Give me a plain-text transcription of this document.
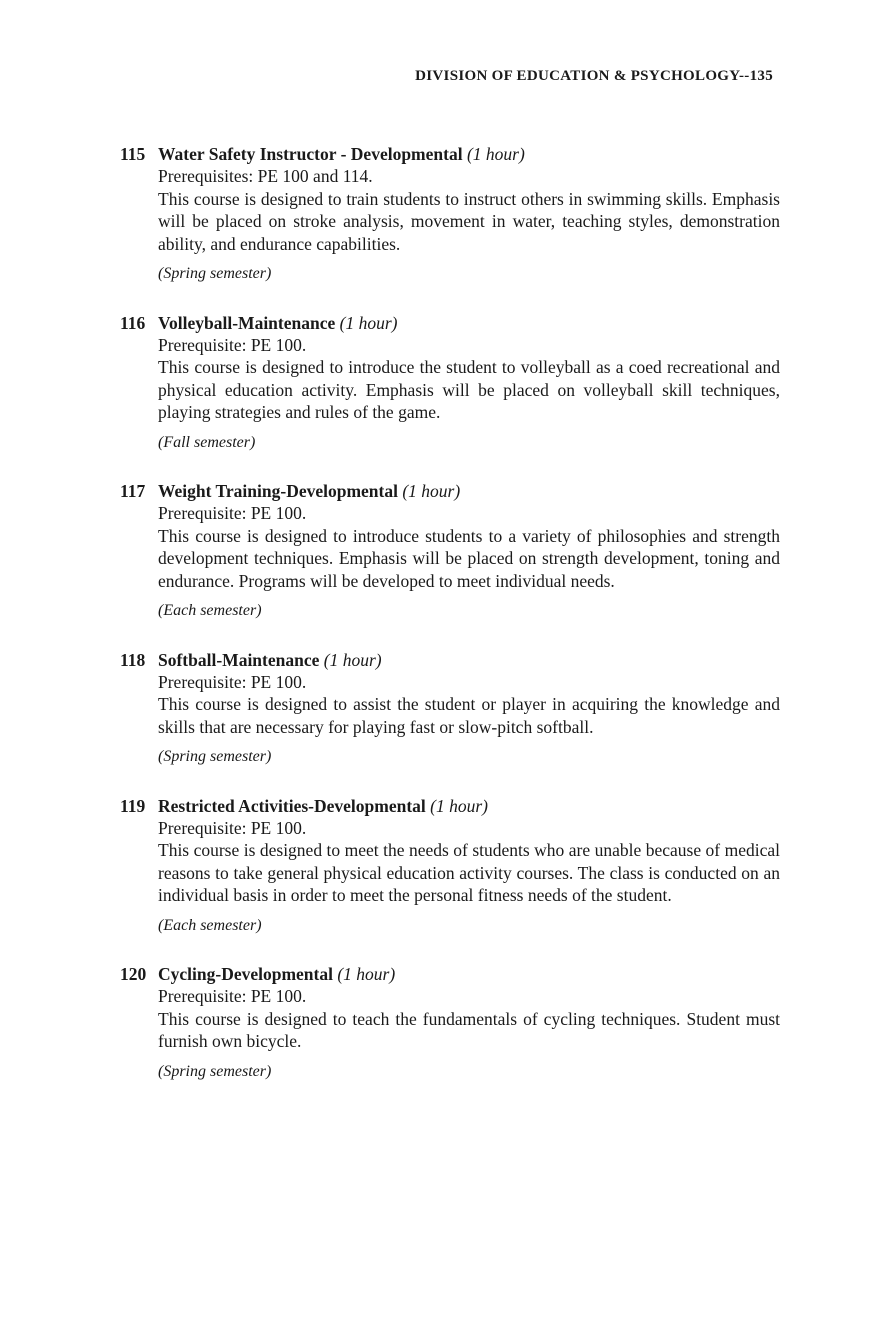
DIVISION OF EDUCATION & PSYCHOLOGY--135
115 Water Safety Instructor - Developmental (1 hour)
Prerequisites: PE 100 and 114.
This course is designed to train students to instruct others in swimming skills. Emphasis will be placed on stroke analysis, movement in water, teaching styles, demonstration ability, and endurance capabilities.
(Spring semester)
116 Volleyball-Maintenance (1 hour)
Prerequisite: PE 100.
This course is designed to introduce the student to volleyball as a coed recreational and physical education activity. Emphasis will be placed on volleyball skill techniques, playing strategies and rules of the game.
(Fall semester)
117 Weight Training-Developmental (1 hour)
Prerequisite: PE 100.
This course is designed to introduce students to a variety of philosophies and strength development techniques. Emphasis will be placed on strength development, toning and endurance. Programs will be developed to meet individual needs.
(Each semester)
118 Softball-Maintenance (1 hour)
Prerequisite: PE 100.
This course is designed to assist the student or player in acquiring the knowledge and skills that are necessary for playing fast or slow-pitch softball.
(Spring semester)
119 Restricted Activities-Developmental (1 hour)
Prerequisite: PE 100.
This course is designed to meet the needs of students who are unable because of medical reasons to take general physical education activity courses. The class is conducted on an individual basis in order to meet the personal fitness needs of the student.
(Each semester)
120 Cycling-Developmental (1 hour)
Prerequisite: PE 100.
This course is designed to teach the fundamentals of cycling techniques. Student must furnish own bicycle.
(Spring semester)
